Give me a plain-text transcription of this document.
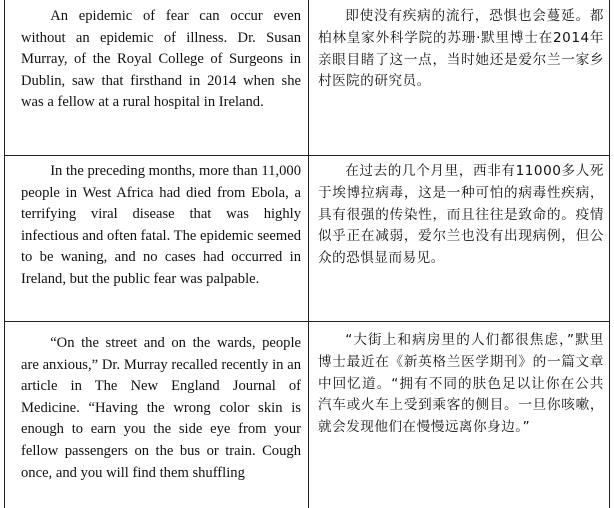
An epidemic of fear can occur even without an epidemic of illness. Dr. Susan Murray, of the Royal College of Surgeons in Dublin, saw that firsthand in 2014 when she was a fellow at a rural hospital in Ireland.

即使没有疾病的流行，恐惧也会蔓延。都柏林皇家外科学院的苏珊·默里博士在2014年亲眼目睹了这一点，当时她还是爱尔兰一家乡村医院的研究员。

In the preceding months, more than 11,000 people in West Africa had died from Ebola, a terrifying viral disease that was highly infectious and often fatal. The epidemic seemed to be waning, and no cases had occurred in Ireland, but the public fear was palpable.

在过去的几个月里，西非有11000多人死于埃博拉病毒，这是一种可怕的病毒性疾病，具有很强的传染性，而且往往是致命的。疫情似乎正在减弱，爱尔兰也没有出现病例，但公众的恐惧显而易见。

“On the street and on the wards, people are anxious,” Dr. Murray recalled recently in an article in The New England Journal of Medicine. “Having the wrong color skin is enough to earn you the side eye from your fellow passengers on the bus or train. Cough once, and you will find them shuffling

“大街上和病房里的人们都很焦虑，”默里博士最近在《新英格兰医学期刊》的一篇文章中回忆道。“拥有不同的肤色足以让你在公共汽车或火车上受到乘客的侧目。一旦你咳嗽，就会发现他们在慢慢远离你身边。”
